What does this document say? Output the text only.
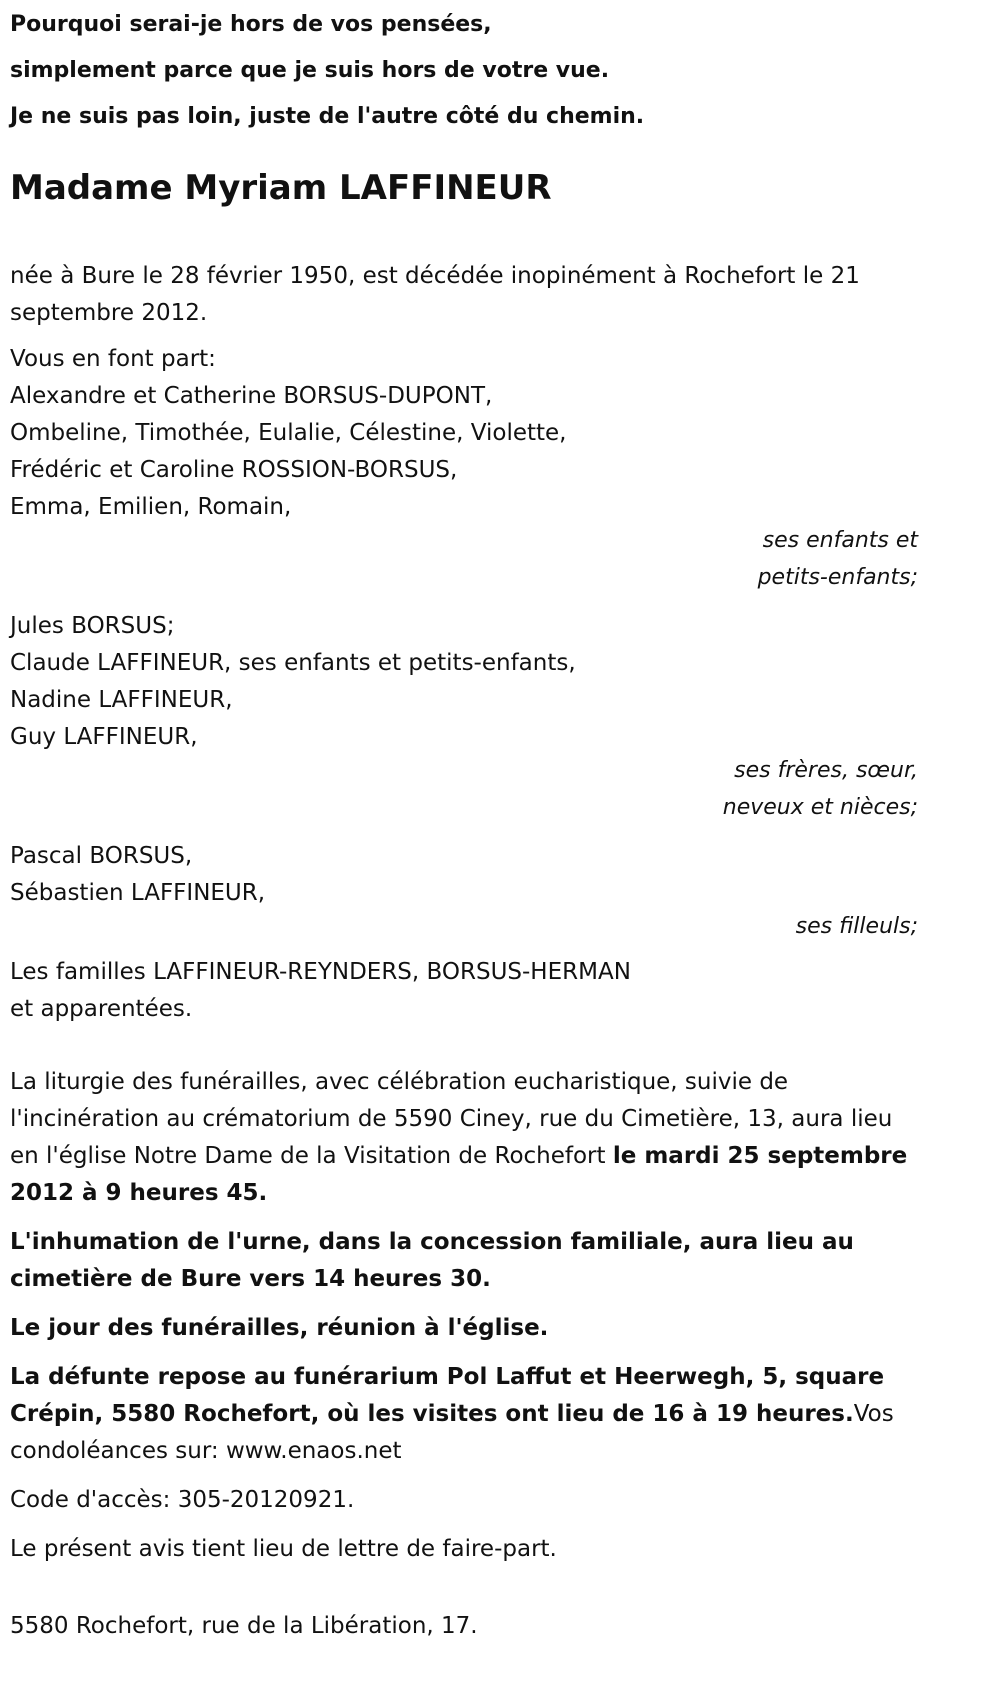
Pourquoi serai-je hors de vos pensées,

simplement parce que je suis hors de votre vue.

Je ne suis pas loin, juste de l'autre côté du chemin.

Madame Myriam LAFFINEUR

née à Bure le 28 février 1950, est décédée inopinément à Rochefort le 21

septembre 2012.

Vous en font part:

Alexandre et Catherine BORSUS-DUPONT,

Ombeline, Timothée, Eulalie, Célestine, Violette,

Frédéric et Caroline ROSSION-BORSUS,

Emma, Emilien, Romain,

ses enfants et

petits-enfants;

Jules BORSUS;

Claude LAFFINEUR, ses enfants et petits-enfants,

Nadine LAFFINEUR,

Guy LAFFINEUR,

ses frères, sœur,

neveux et nièces;

Pascal BORSUS,

Sébastien LAFFINEUR,

ses filleuls;

Les familles LAFFINEUR-REYNDERS, BORSUS-HERMAN

et apparentées.

La liturgie des funérailles, avec célébration eucharistique, suivie de l'incinération au crématorium de 5590 Ciney, rue du Cimetière, 13, aura lieu en l'église Notre Dame de la Visitation de Rochefort le mardi 25 septembre 2012 à 9 heures 45.

L'inhumation de l'urne, dans la concession familiale, aura lieu au cimetière de Bure vers 14 heures 30.

Le jour des funérailles, réunion à l'église.

La défunte repose au funérarium Pol Laffut et Heerwegh, 5, square Crépin, 5580 Rochefort, où les visites ont lieu de 16 à 19 heures.Vos condoléances sur: www.enaos.net

Code d'accès: 305-20120921.

Le présent avis tient lieu de lettre de faire-part.

5580 Rochefort, rue de la Libération, 17.
